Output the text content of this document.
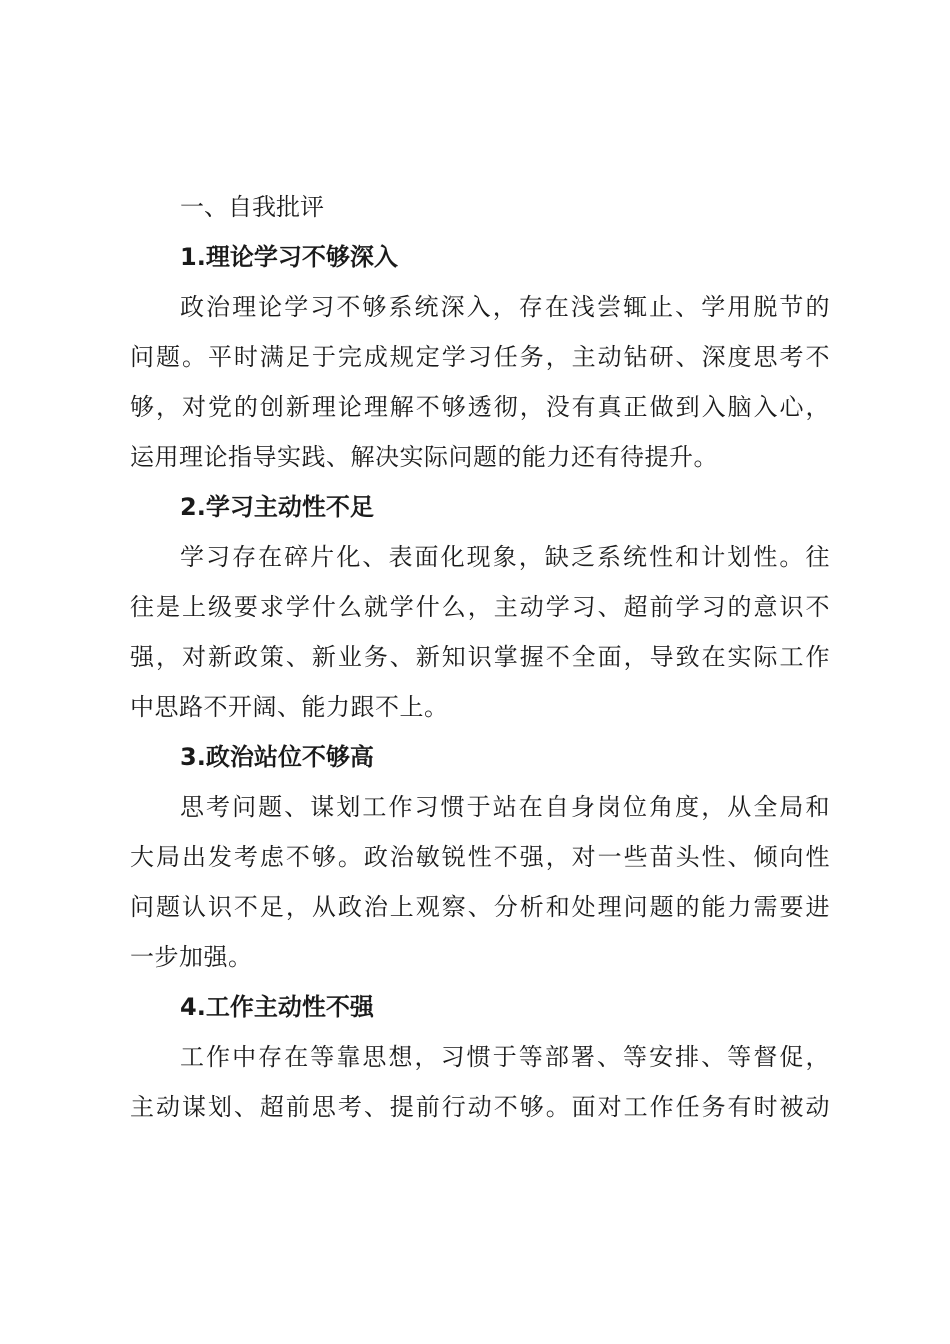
一、自我批评
1.理论学习不够深入
政治理论学习不够系统深入，存在浅尝辄止、学用脱节的
问题。平时满足于完成规定学习任务，主动钻研、深度思考不
够，对党的创新理论理解不够透彻，没有真正做到入脑入心，
运用理论指导实践、解决实际问题的能力还有待提升。
2.学习主动性不足
学习存在碎片化、表面化现象，缺乏系统性和计划性。往
往是上级要求学什么就学什么，主动学习、超前学习的意识不
强，对新政策、新业务、新知识掌握不全面，导致在实际工作
中思路不开阔、能力跟不上。
3.政治站位不够高
思考问题、谋划工作习惯于站在自身岗位角度，从全局和
大局出发考虑不够。政治敏锐性不强，对一些苗头性、倾向性
问题认识不足，从政治上观察、分析和处理问题的能力需要进
一步加强。
4.工作主动性不强
工作中存在等靠思想，习惯于等部署、等安排、等督促，
主动谋划、超前思考、提前行动不够。面对工作任务有时被动
